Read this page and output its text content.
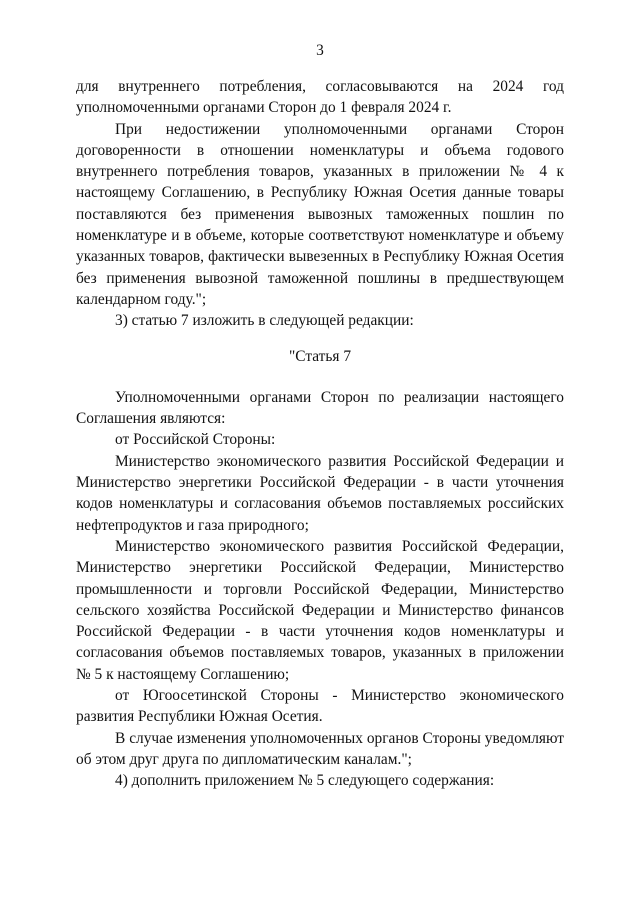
3

для внутреннего потребления, согласовываются на 2024 год уполномоченными органами Сторон до 1 февраля 2024 г.

При недостижении уполномоченными органами Сторон договоренности в отношении номенклатуры и объема годового внутреннего потребления товаров, указанных в приложении № 4 к настоящему Соглашению, в Республику Южная Осетия данные товары поставляются без применения вывозных таможенных пошлин по номенклатуре и в объеме, которые соответствуют номенклатуре и объему указанных товаров, фактически вывезенных в Республику Южная Осетия без применения вывозной таможенной пошлины в предшествующем календарном году.";

3) статью 7 изложить в следующей редакции:

"Статья 7

Уполномоченными органами Сторон по реализации настоящего Соглашения являются:

от Российской Стороны:

Министерство экономического развития Российской Федерации и Министерство энергетики Российской Федерации - в части уточнения кодов номенклатуры и согласования объемов поставляемых российских нефтепродуктов и газа природного;

Министерство экономического развития Российской Федерации, Министерство энергетики Российской Федерации, Министерство промышленности и торговли Российской Федерации, Министерство сельского хозяйства Российской Федерации и Министерство финансов Российской Федерации - в части уточнения кодов номенклатуры и согласования объемов поставляемых товаров, указанных в приложении № 5 к настоящему Соглашению;

от Югоосетинской Стороны - Министерство экономического развития Республики Южная Осетия.

В случае изменения уполномоченных органов Стороны уведомляют об этом друг друга по дипломатическим каналам.";

4) дополнить приложением № 5 следующего содержания:
